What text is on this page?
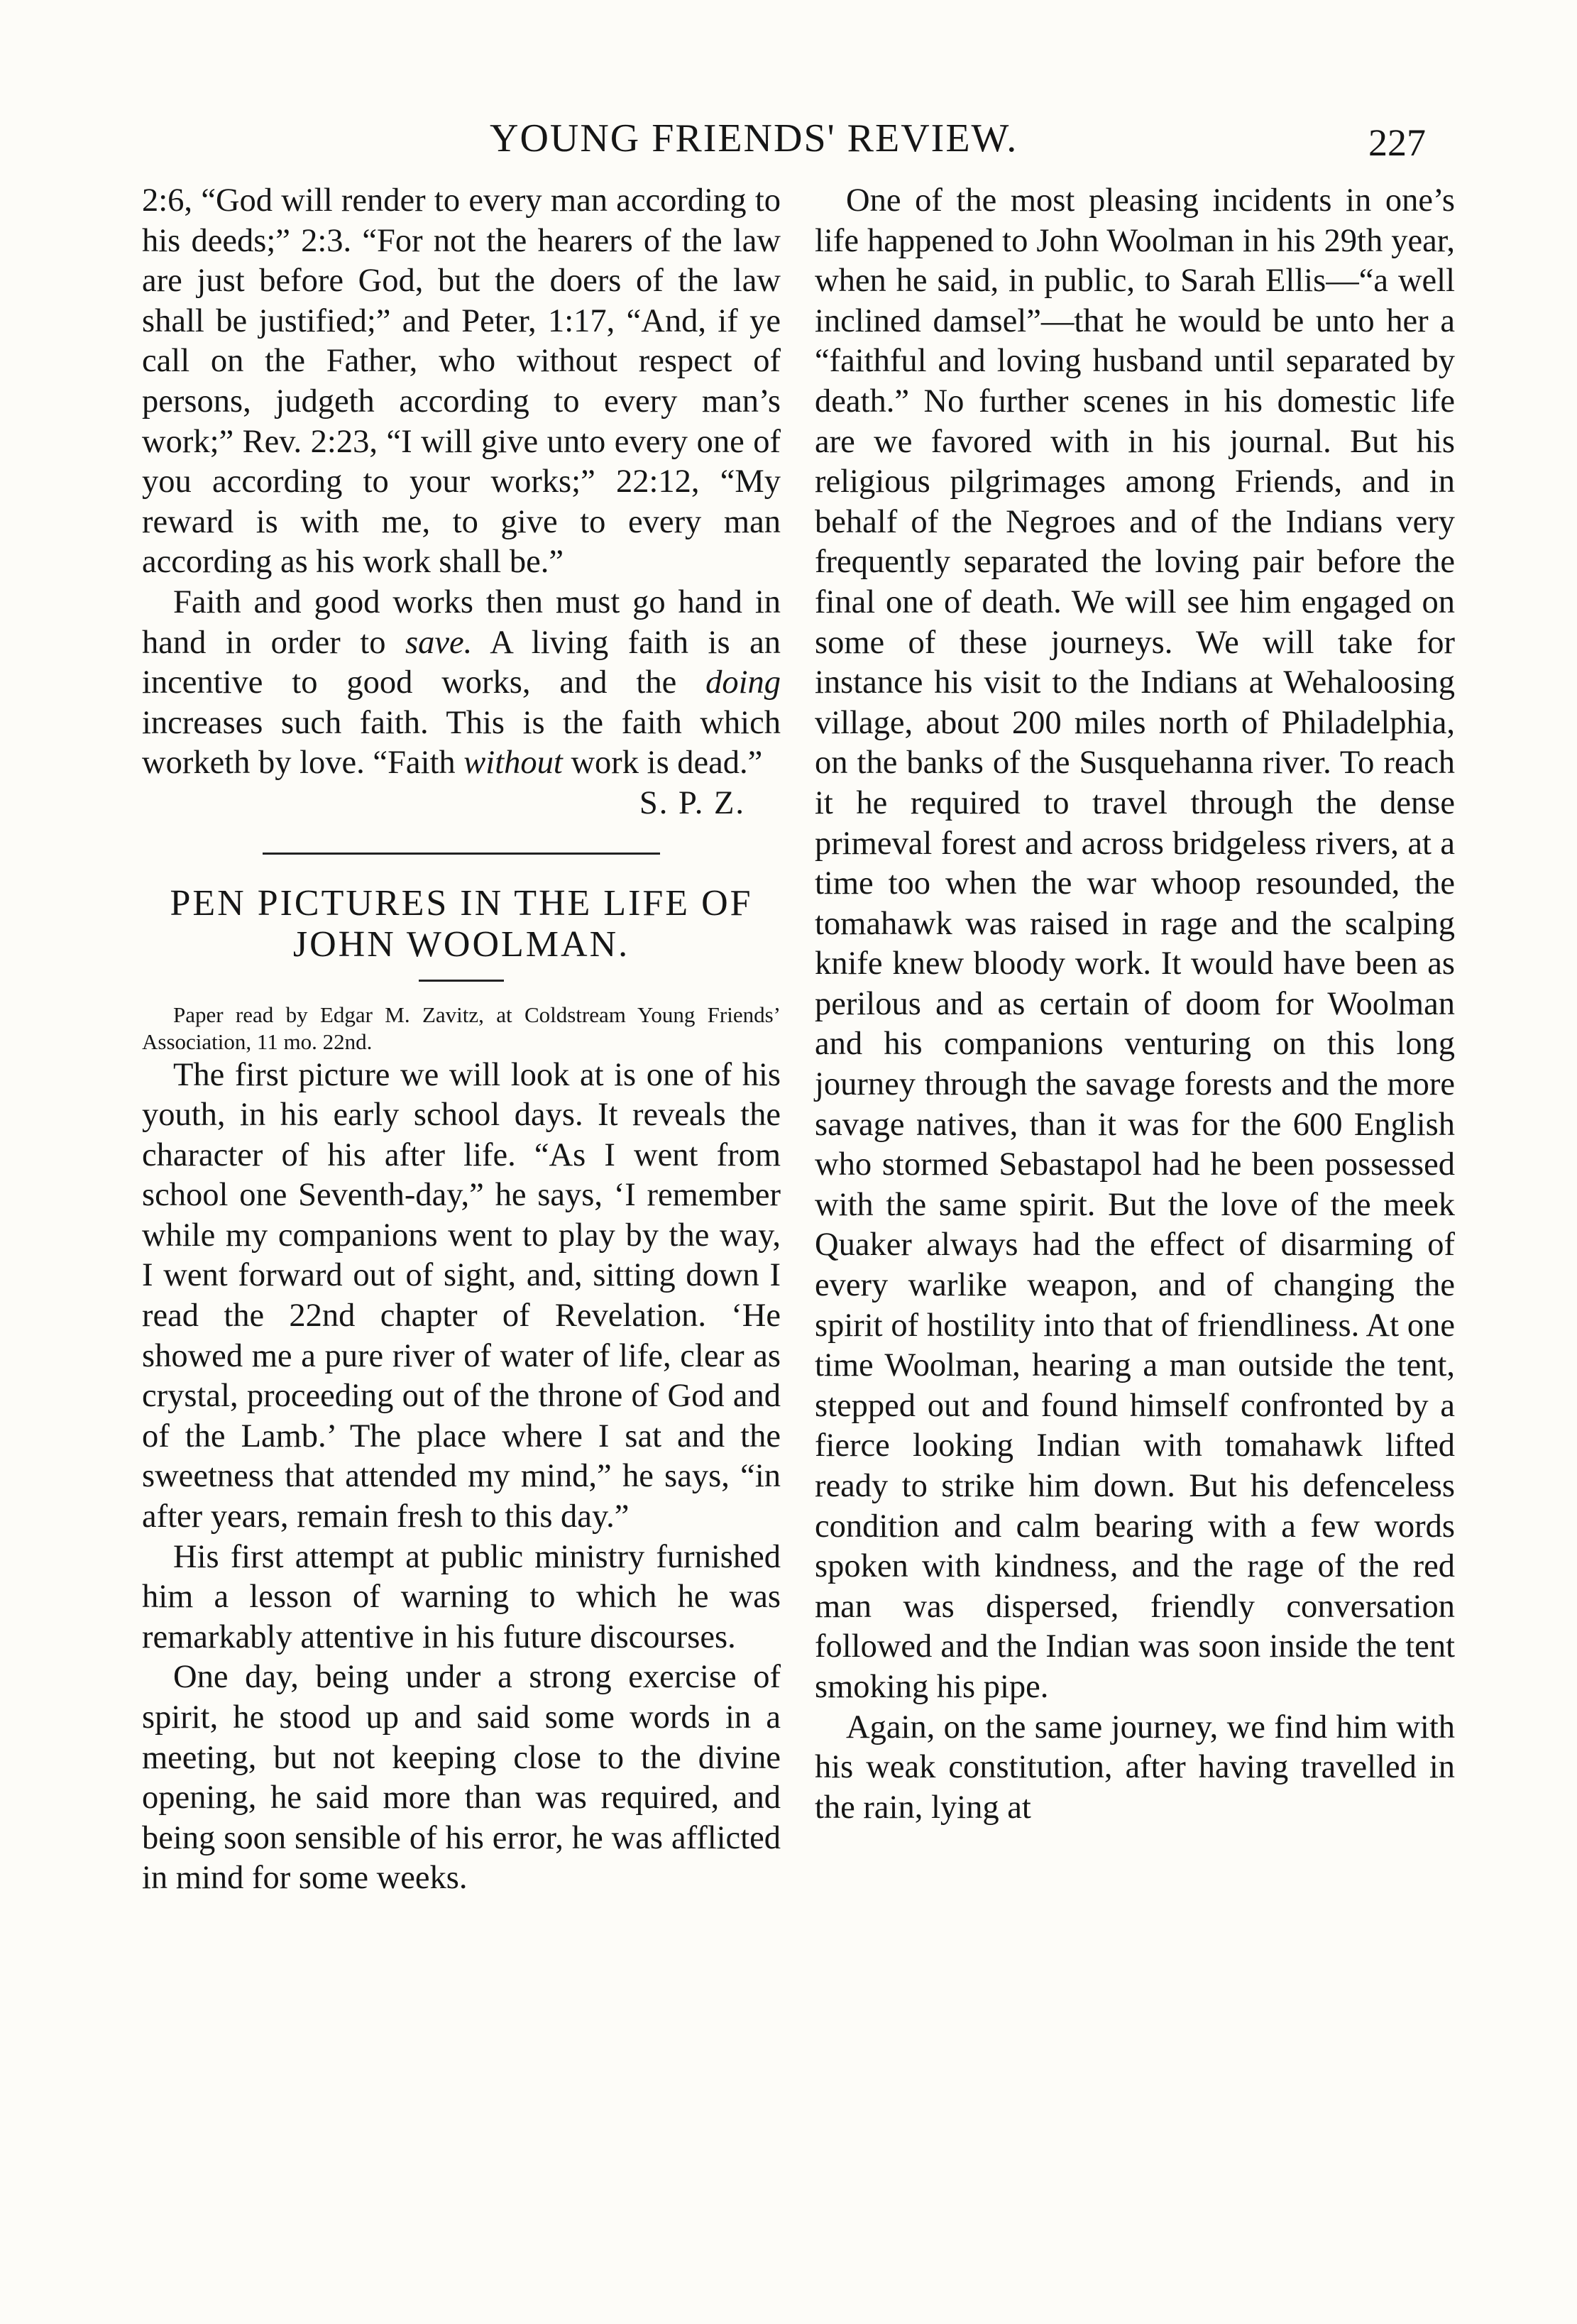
YOUNG FRIENDS' REVIEW.	227

2:6, “God will render to every man according to his deeds;” 2:3. “For not the hearers of the law are just before God, but the doers of the law shall be justified;” and Peter, 1:17, “And, if ye call on the Father, who without respect of persons, judgeth according to every man’s work;” Rev. 2:23, “I will give unto every one of you according to your works;” 22:12, “My reward is with me, to give to every man according as his work shall be.”

Faith and good works then must go hand in hand in order to save. A living faith is an incentive to good works, and the doing increases such faith. This is the faith which worketh by love. “Faith without work is dead.”

S. P. Z.

PEN PICTURES IN THE LIFE OF JOHN WOOLMAN.

Paper read by Edgar M. Zavitz, at Coldstream Young Friends’ Association, 11 mo. 22nd.

The first picture we will look at is one of his youth, in his early school days. It reveals the character of his after life. “As I went from school one Seventh-day,” he says, ‘I remember while my companions went to play by the way, I went forward out of sight, and, sitting down I read the 22nd chapter of Revelation. ‘He showed me a pure river of water of life, clear as crystal, proceeding out of the throne of God and of the Lamb.’ The place where I sat and the sweetness that attended my mind,” he says, “in after years, remain fresh to this day.”

His first attempt at public ministry furnished him a lesson of warning to which he was remarkably attentive in his future discourses.

One day, being under a strong exercise of spirit, he stood up and said some words in a meeting, but not keeping close to the divine opening, he said more than was required, and being soon sensible of his error, he was afflicted in mind for some weeks.

One of the most pleasing incidents in one’s life happened to John Woolman in his 29th year, when he said, in public, to Sarah Ellis—“a well inclined damsel”—that he would be unto her a “faithful and loving husband until separated by death.” No further scenes in his domestic life are we favored with in his journal. But his religious pilgrimages among Friends, and in behalf of the Negroes and of the Indians very frequently separated the loving pair before the final one of death. We will see him engaged on some of these journeys. We will take for instance his visit to the Indians at Wehaloosing village, about 200 miles north of Philadelphia, on the banks of the Susquehanna river. To reach it he required to travel through the dense primeval forest and across bridgeless rivers, at a time too when the war whoop resounded, the tomahawk was raised in rage and the scalping knife knew bloody work. It would have been as perilous and as certain of doom for Woolman and his companions venturing on this long journey through the savage forests and the more savage natives, than it was for the 600 English who stormed Sebastapol had he been possessed with the same spirit. But the love of the meek Quaker always had the effect of disarming of every warlike weapon, and of changing the spirit of hostility into that of friendliness. At one time Woolman, hearing a man outside the tent, stepped out and found himself confronted by a fierce looking Indian with tomahawk lifted ready to strike him down. But his defenceless condition and calm bearing with a few words spoken with kindness, and the rage of the red man was dispersed, friendly conversation followed and the Indian was soon inside the tent smoking his pipe.

Again, on the same journey, we find him with his weak constitution, after having travelled in the rain, lying at
